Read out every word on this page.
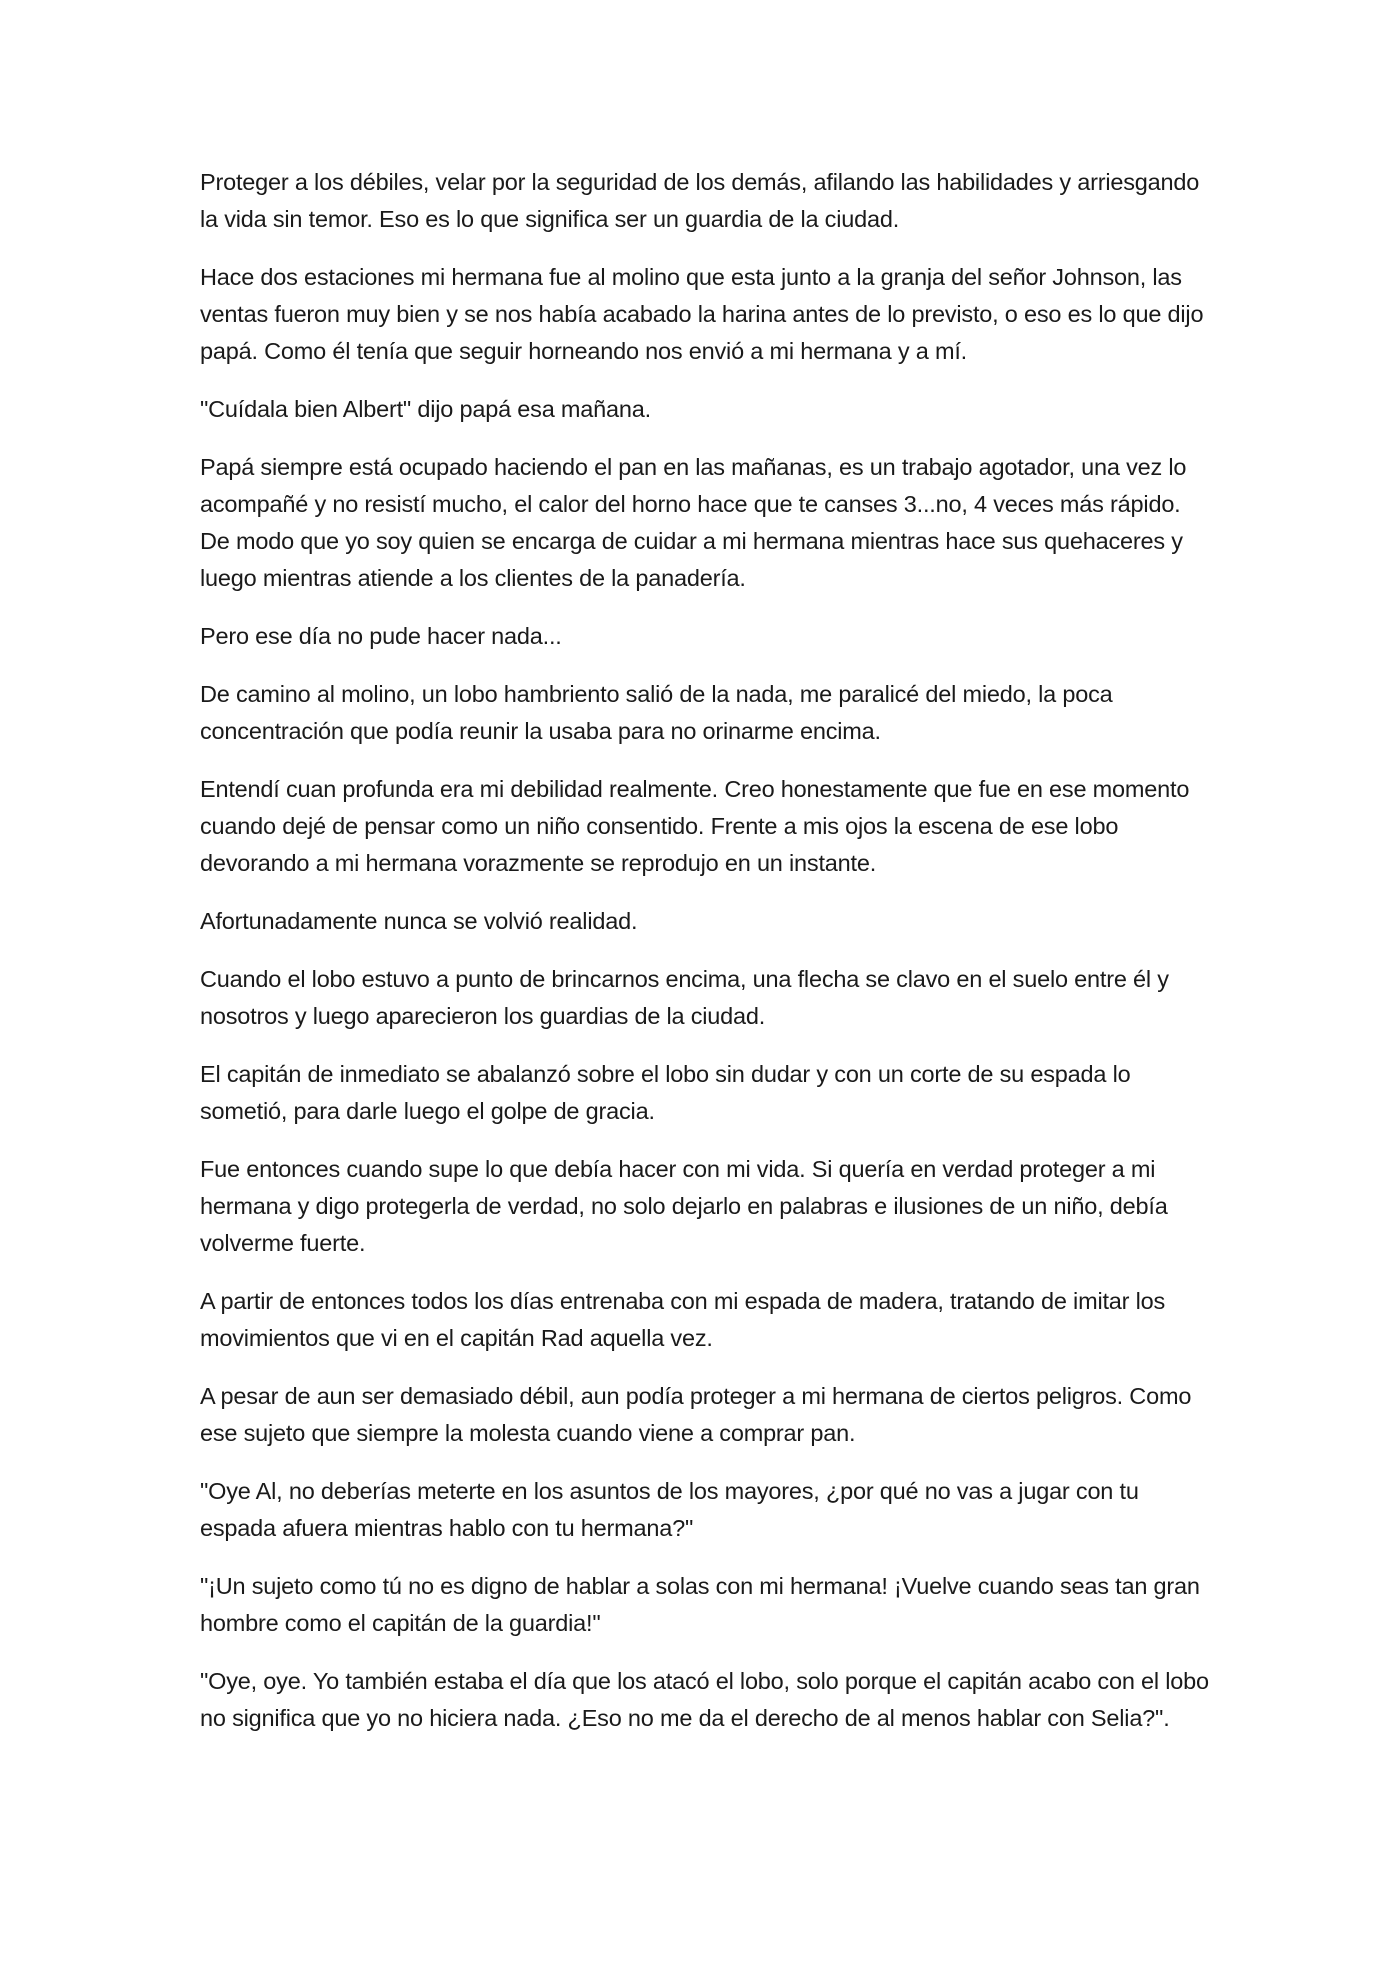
Proteger a los débiles, velar por la seguridad de los demás, afilando las habilidades y arriesgando la vida sin temor. Eso es lo que significa ser un guardia de la ciudad.

Hace dos estaciones mi hermana fue al molino que esta junto a la granja del señor Johnson, las ventas fueron muy bien y se nos había acabado la harina antes de lo previsto, o eso es lo que dijo papá. Como él tenía que seguir horneando nos envió a mi hermana y a mí.

"Cuídala bien Albert" dijo papá esa mañana.

Papá siempre está ocupado haciendo el pan en las mañanas, es un trabajo agotador, una vez lo acompañé y no resistí mucho, el calor del horno hace que te canses 3...no, 4 veces más rápido. De modo que yo soy quien se encarga de cuidar a mi hermana mientras hace sus quehaceres y luego mientras atiende a los clientes de la panadería.

Pero ese día no pude hacer nada...

De camino al molino, un lobo hambriento salió de la nada, me paralicé del miedo, la poca concentración que podía reunir la usaba para no orinarme encima.

Entendí cuan profunda era mi debilidad realmente. Creo honestamente que fue en ese momento cuando dejé de pensar como un niño consentido. Frente a mis ojos la escena de ese lobo devorando a mi hermana vorazmente se reprodujo en un instante.

Afortunadamente nunca se volvió realidad.

Cuando el lobo estuvo a punto de brincarnos encima, una flecha se clavo en el suelo entre él y nosotros y luego aparecieron los guardias de la ciudad.

El capitán de inmediato se abalanzó sobre el lobo sin dudar y con un corte de su espada lo sometió, para darle luego el golpe de gracia.

Fue entonces cuando supe lo que debía hacer con mi vida. Si quería en verdad proteger a mi hermana y digo protegerla de verdad, no solo dejarlo en palabras e ilusiones de un niño, debía volverme fuerte.

A partir de entonces todos los días entrenaba con mi espada de madera, tratando de imitar los movimientos que vi en el capitán Rad aquella vez.

A pesar de aun ser demasiado débil, aun podía proteger a mi hermana de ciertos peligros. Como ese sujeto que siempre la molesta cuando viene a comprar pan.

"Oye Al, no deberías meterte en los asuntos de los mayores, ¿por qué no vas a jugar con tu espada afuera mientras hablo con tu hermana?"

"¡Un sujeto como tú no es digno de hablar a solas con mi hermana! ¡Vuelve cuando seas tan gran hombre como el capitán de la guardia!"

"Oye, oye. Yo también estaba el día que los atacó el lobo, solo porque el capitán acabo con el lobo no significa que yo no hiciera nada. ¿Eso no me da el derecho de al menos hablar con Selia?".
